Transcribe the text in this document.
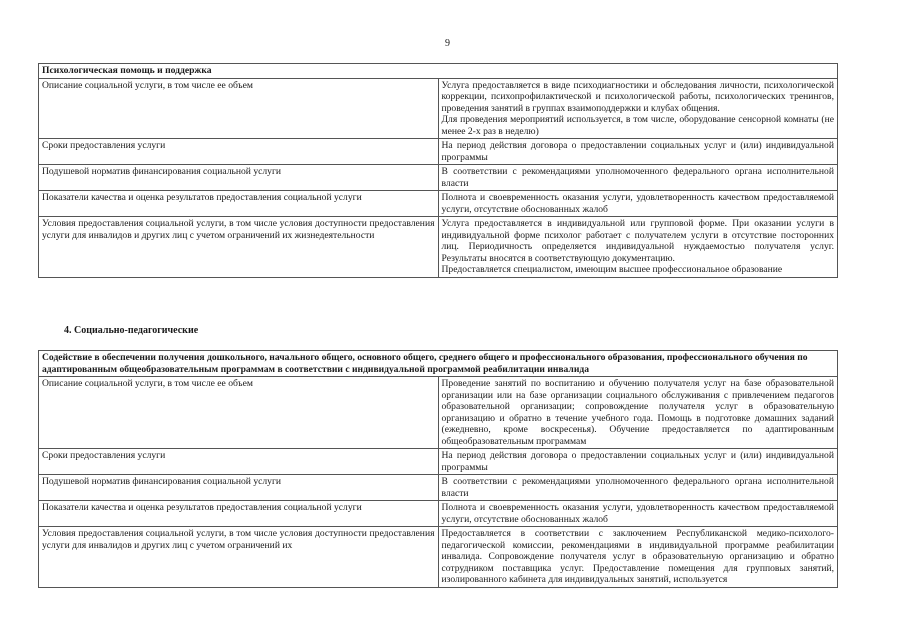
9
Психологическая помощь и поддержка	
Описание социальной услуги, в том числе ее объем	Услуга предоставляется в виде психодиагностики и обследования личности, психологической коррекции, психопрофилактической и психологической работы, психологических тренингов, проведения занятий в группах взаимоподдержки и клубах общения.
Для проведения мероприятий используется, в том числе, оборудование сенсорной комнаты (не менее 2-х раз в неделю)

Сроки предоставления услуги	На период действия договора о предоставлении социальных услуг и (или) индивидуальной программы
Подушевой норматив финансирования социальной услуги	В соответствии с рекомендациями уполномоченного федерального органа исполнительной власти
Показатели качества и оценка результатов предоставления социальной услуги	Полнота и своевременность оказания услуги, удовлетворенность качеством предоставляемой услуги, отсутствие обоснованных жалоб
Условия предоставления социальной услуги, в том числе условия доступности предоставления услуги для инвалидов и других лиц с учетом ограничений их жизнедеятельности	Услуга предоставляется в индивидуальной или групповой форме. При оказании услуги в индивидуальной форме психолог работает с получателем услуги в отсутствие посторонних лиц. Периодичность определяется индивидуальной нуждаемостью получателя услуг. Результаты вносятся в соответствующую документацию.
Предоставляется специалистом, имеющим высшее профессиональное образование
4. Социально-педагогические
Содействие в обеспечении получения дошкольного, начального общего, основного общего, среднего общего и профессионального образования, профессионального обучения по адаптированным общеобразовательным программам в соответствии с индивидуальной программой реабилитации инвалида	
Описание социальной услуги, в том числе ее объем	Проведение занятий по воспитанию и обучению получателя услуг на базе образовательной организации или на базе организации социального обслуживания с привлечением педагогов образовательной организации; сопровождение получателя услуг в образовательную организацию и обратно в течение учебного года. Помощь в подготовке домашних заданий (ежедневно, кроме воскресенья). Обучение предоставляется по адаптированным общеобразовательным программам
Сроки предоставления услуги	На период действия договора о предоставлении социальных услуг и (или) индивидуальной программы
Подушевой норматив финансирования социальной услуги	В соответствии с рекомендациями уполномоченного федерального органа исполнительной власти
Показатели качества и оценка результатов предоставления социальной услуги	Полнота и своевременность оказания услуги, удовлетворенность качеством предоставляемой услуги, отсутствие обоснованных жалоб
Условия предоставления социальной услуги, в том числе условия доступности предоставления услуги для инвалидов и других лиц с учетом ограничений их	Предоставляется в соответствии с заключением Республиканской медико-психолого-педагогической комиссии, рекомендациями в индивидуальной программе реабилитации инвалида. Сопровождение получателя услуг в образовательную организацию и обратно сотрудником поставщика услуг. Предоставление помещения для групповых занятий, изолированного кабинета для индивидуальных занятий, используется
